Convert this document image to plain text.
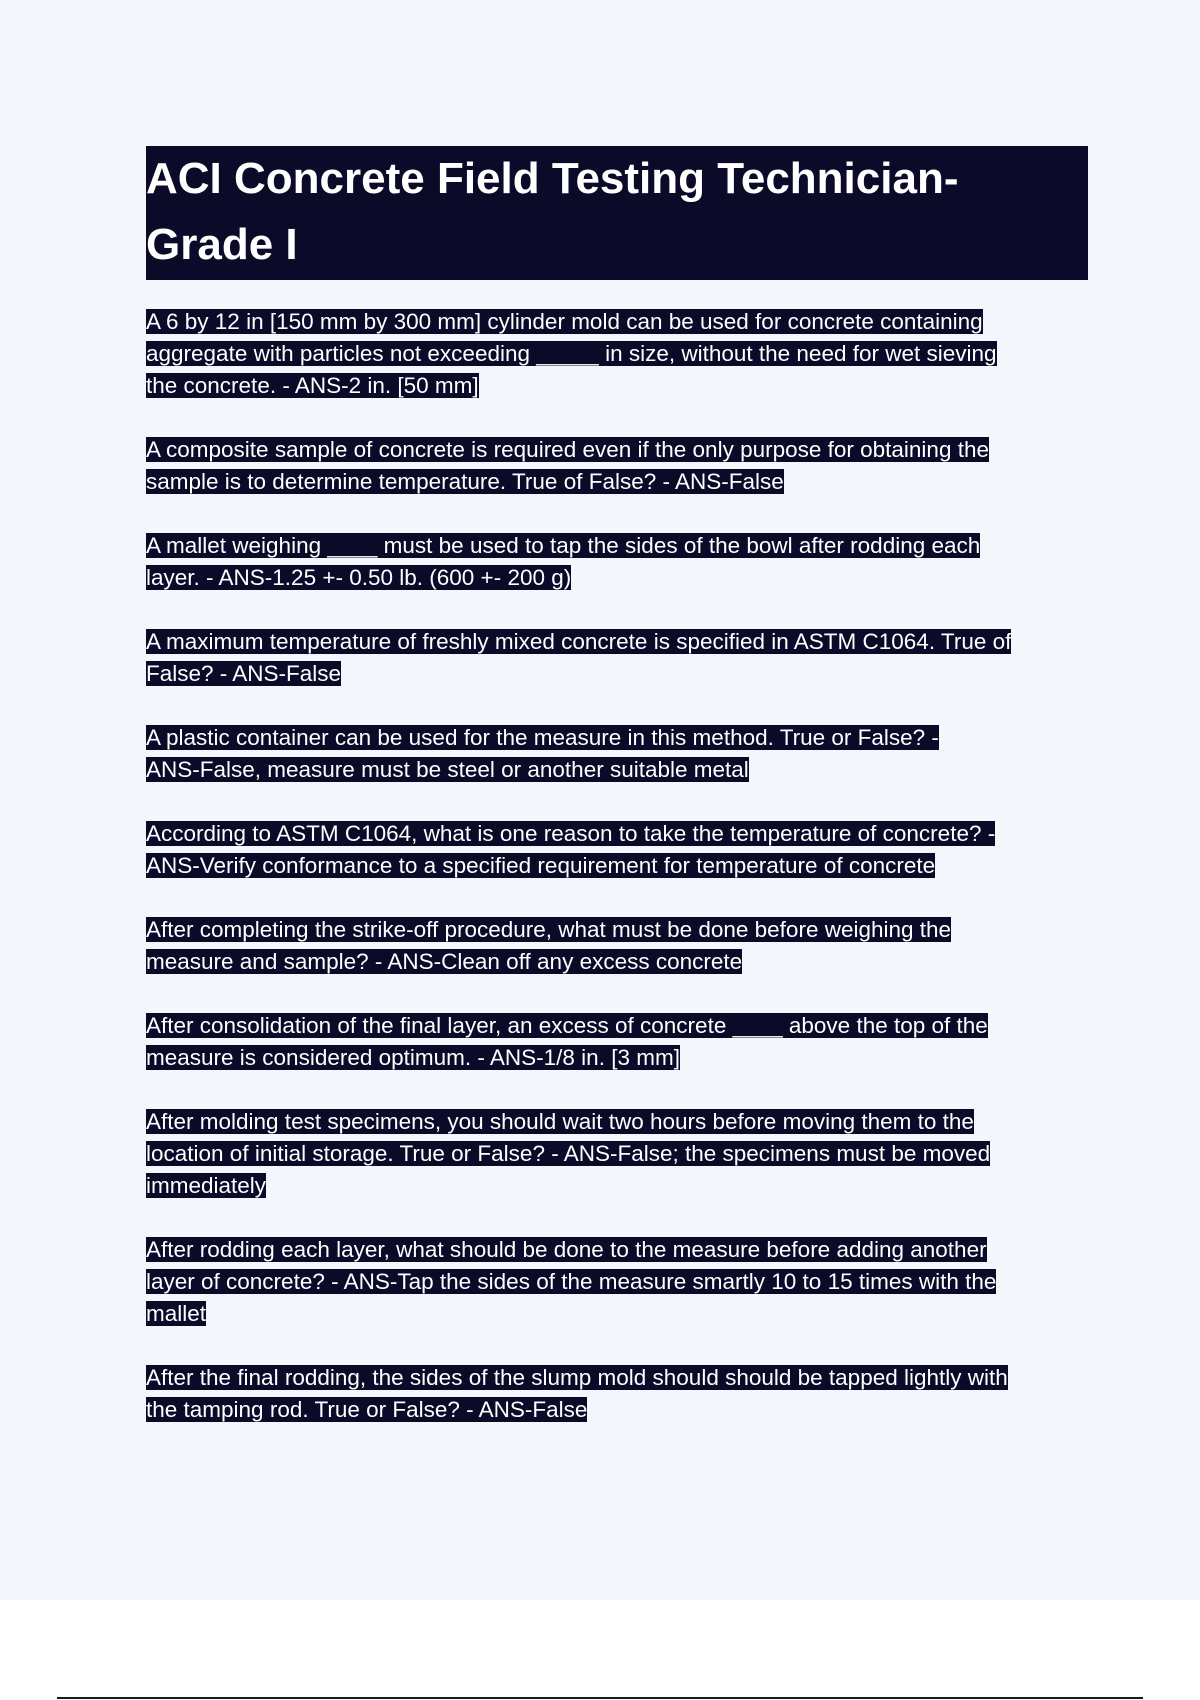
ACI Concrete Field Testing Technician-
Grade I

A 6 by 12 in [150 mm by 300 mm] cylinder mold can be used for concrete containing
aggregate with particles not exceeding _____ in size, without the need for wet sieving
the concrete. - ANS-2 in. [50 mm]

A composite sample of concrete is required even if the only purpose for obtaining the
sample is to determine temperature. True of False? - ANS-False

A mallet weighing ____ must be used to tap the sides of the bowl after rodding each
layer. - ANS-1.25 +- 0.50 lb. (600 +- 200 g)

A maximum temperature of freshly mixed concrete is specified in ASTM C1064. True of
False? - ANS-False

A plastic container can be used for the measure in this method. True or False? -
ANS-False, measure must be steel or another suitable metal

According to ASTM C1064, what is one reason to take the temperature of concrete? -
ANS-Verify conformance to a specified requirement for temperature of concrete

After completing the strike-off procedure, what must be done before weighing the
measure and sample? - ANS-Clean off any excess concrete

After consolidation of the final layer, an excess of concrete ____ above the top of the
measure is considered optimum. - ANS-1/8 in. [3 mm]

After molding test specimens, you should wait two hours before moving them to the
location of initial storage. True or False? - ANS-False; the specimens must be moved
immediately

After rodding each layer, what should be done to the measure before adding another
layer of concrete? - ANS-Tap the sides of the measure smartly 10 to 15 times with the
mallet

After the final rodding, the sides of the slump mold should should be tapped lightly with
the tamping rod. True or False? - ANS-False
